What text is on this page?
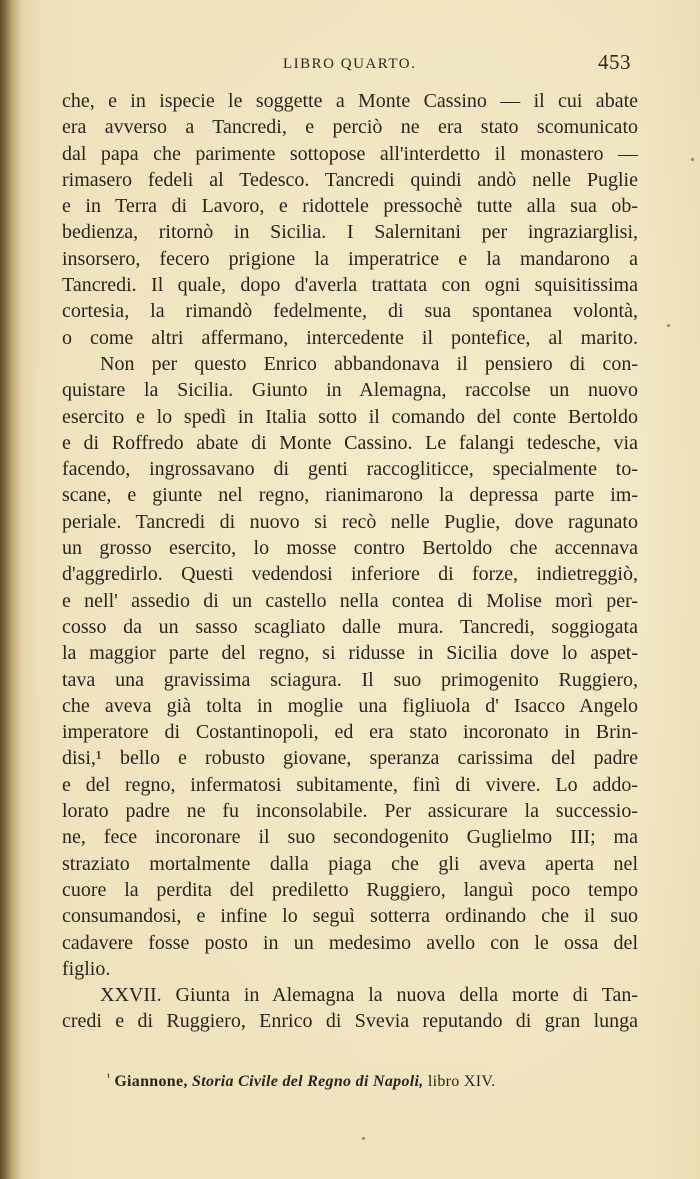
LIBRO QUARTO.	453
che, e in ispecie le soggette a Monte Cassino — il cui abate
era avverso a Tancredi, e perciò ne era stato scomunicato
dal papa che parimente sottopose all'interdetto il monastero —
rimasero fedeli al Tedesco. Tancredi quindi andò nelle Puglie
e in Terra di Lavoro, e ridottele pressochè tutte alla sua ob-
bedienza, ritornò in Sicilia. I Salernitani per ingraziarglisi,
insorsero, fecero prigione la imperatrice e la mandarono a
Tancredi. Il quale, dopo d'averla trattata con ogni squisitissima
cortesia, la rimandò fedelmente, di sua spontanea volontà,
o come altri affermano, intercedente il pontefice, al marito.
Non per questo Enrico abbandonava il pensiero di con-
quistare la Sicilia. Giunto in Alemagna, raccolse un nuovo
esercito e lo spedì in Italia sotto il comando del conte Bertoldo
e di Roffredo abate di Monte Cassino. Le falangi tedesche, via
facendo, ingrossavano di genti raccogliticce, specialmente to-
scane, e giunte nel regno, rianimarono la depressa parte im-
periale. Tancredi di nuovo si recò nelle Puglie, dove ragunato
un grosso esercito, lo mosse contro Bertoldo che accennava
d'aggredirlo. Questi vedendosi inferiore di forze, indietreggiò,
e nell' assedio di un castello nella contea di Molise morì per-
cosso da un sasso scagliato dalle mura. Tancredi, soggiogata
la maggior parte del regno, si ridusse in Sicilia dove lo aspet-
tava una gravissima sciagura. Il suo primogenito Ruggiero,
che aveva già tolta in moglie una figliuola d' Isacco Angelo
imperatore di Costantinopoli, ed era stato incoronato in Brin-
disi,¹ bello e robusto giovane, speranza carissima del padre
e del regno, infermatosi subitamente, finì di vivere. Lo addo-
lorato padre ne fu inconsolabile. Per assicurare la successio-
ne, fece incoronare il suo secondogenito Guglielmo III; ma
straziato mortalmente dalla piaga che gli aveva aperta nel
cuore la perdita del prediletto Ruggiero, languì poco tempo
consumandosi, e infine lo seguì sotterra ordinando che il suo
cadavere fosse posto in un medesimo avello con le ossa del
figlio.
XXVII. Giunta in Alemagna la nuova della morte di Tan-
credi e di Ruggiero, Enrico di Svevia reputando di gran lunga
$^{^1}$ Giannone, Storia Civile del Regno di Napoli, libro XIV.
